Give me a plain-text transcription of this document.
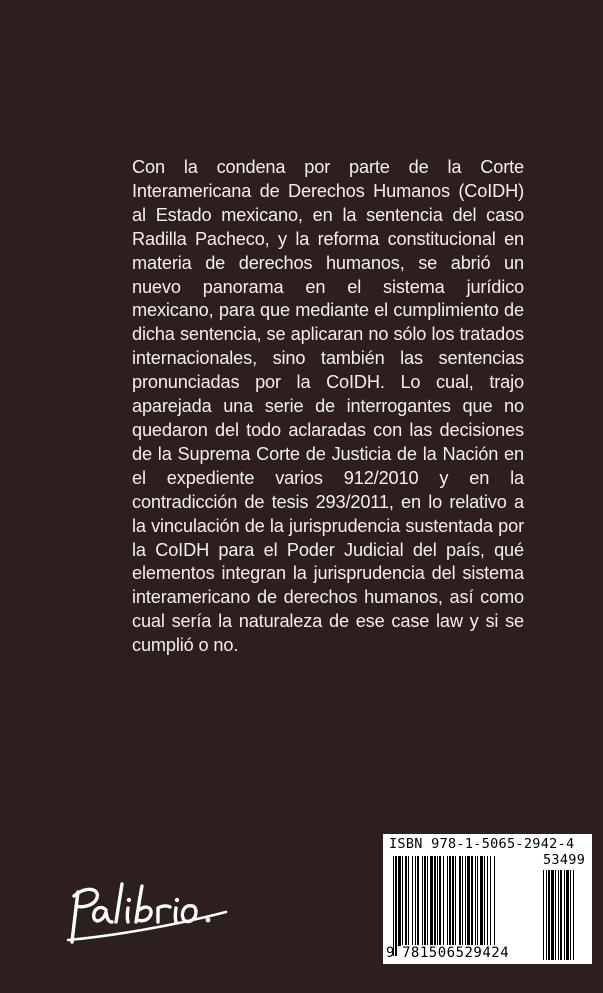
Con la condena por parte de la Corte Interamericana de Derechos Humanos (CoIDH) al Estado mexicano, en la sentencia del caso Radilla Pacheco, y la reforma constitucional en materia de derechos humanos, se abrió un nuevo panorama en el sistema jurídico mexicano, para que mediante el cumplimiento de dicha sentencia, se aplicaran no sólo los tratados internacionales, sino también las sentencias pronunciadas por la CoIDH. Lo cual, trajo aparejada una serie de interrogantes que no quedaron del todo aclaradas con las decisiones de la Suprema Corte de Justicia de la Nación en el expediente varios 912/2010 y en la contradicción de tesis 293/2011, en lo relativo a la vinculación de la jurisprudencia sustentada por la CoIDH para el Poder Judicial del país, qué elementos integran la jurisprudencia del sistema interamericano de derechos humanos, así como cual sería la naturaleza de ese case law y si se cumplió o no.

ISBN 978-1-5065-2942-4
53499
9 781506529424
